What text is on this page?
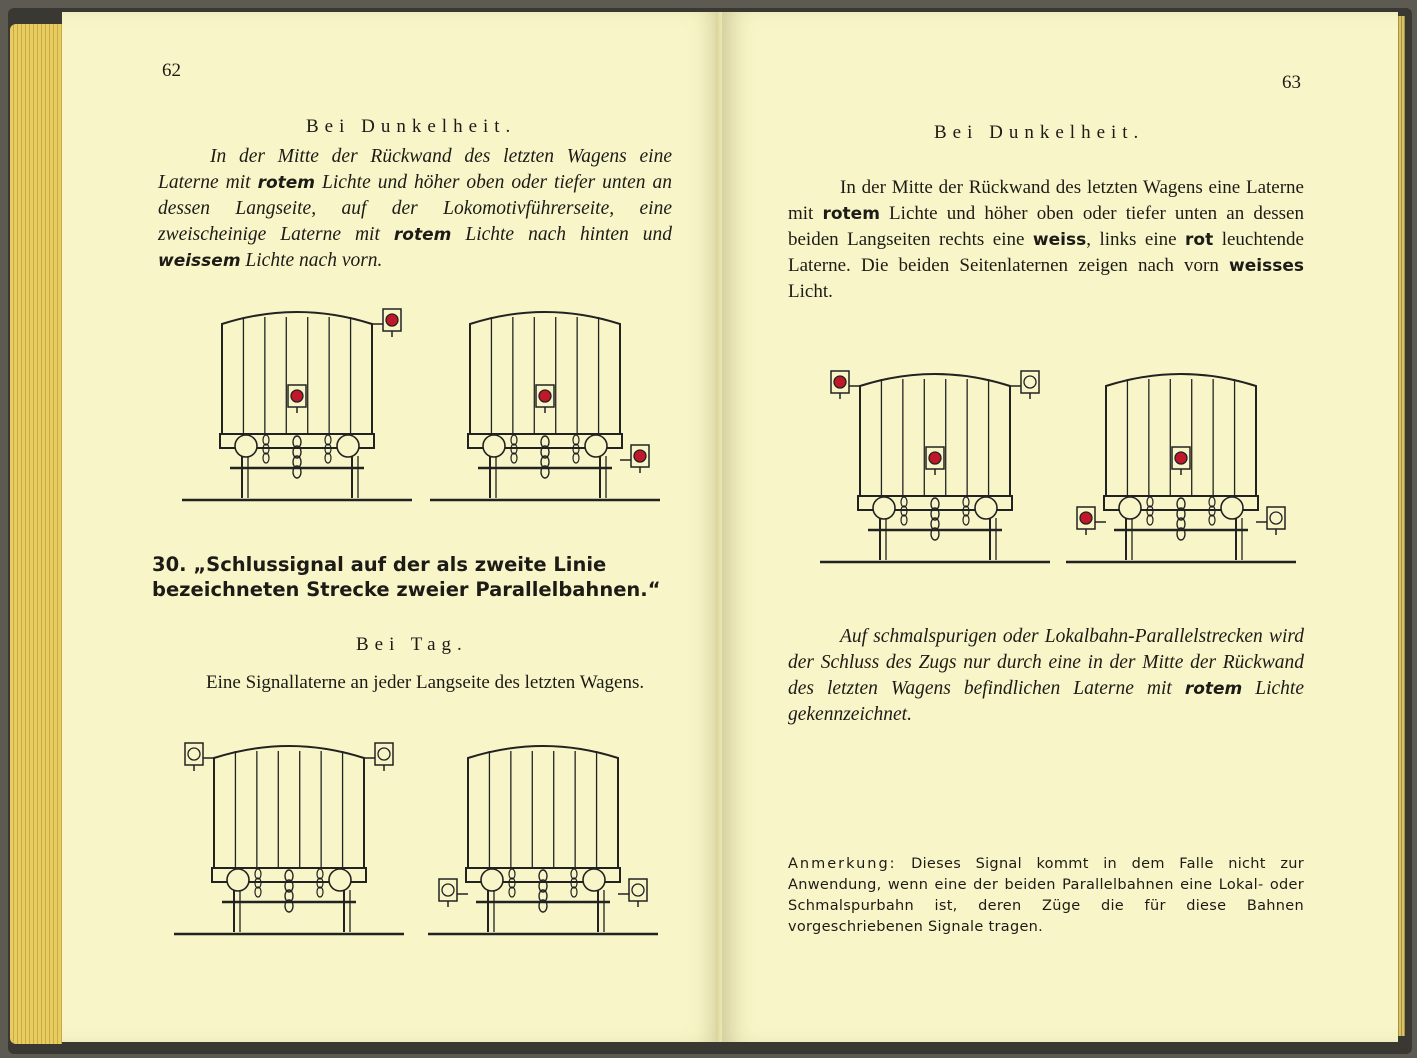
62
Bei Dunkelheit.
In der Mitte der Rückwand des letzten Wagens eine Laterne mit rotem Lichte und höher oben oder tiefer unten an dessen Langseite, auf der Lokomotivführerseite, eine zweischeinige Laterne mit rotem Lichte nach hinten und weissem Lichte nach vorn.
30. „Schlussignal auf der als zweite Linie bezeichneten Strecke zweier Parallelbahnen.“
Bei Tag.
Eine Signallaterne an jeder Langseite des letzten Wagens.
63
Bei Dunkelheit.
In der Mitte der Rückwand des letzten Wagens eine Laterne mit rotem Lichte und höher oben oder tiefer unten an dessen beiden Langseiten rechts eine weiss, links eine rot leuchtende Laterne. Die beiden Seitenlaternen zeigen nach vorn weisses Licht.
Auf schmalspurigen oder Lokalbahn-Parallelstrecken wird der Schluss des Zugs nur durch eine in der Mitte der Rückwand des letzten Wagens befindlichen Laterne mit rotem Lichte gekennzeichnet.
Anmerkung: Dieses Signal kommt in dem Falle nicht zur Anwendung, wenn eine der beiden Parallelbahnen eine Lokal- oder Schmalspurbahn ist, deren Züge die für diese Bahnen vorgeschriebenen Signale tragen.
